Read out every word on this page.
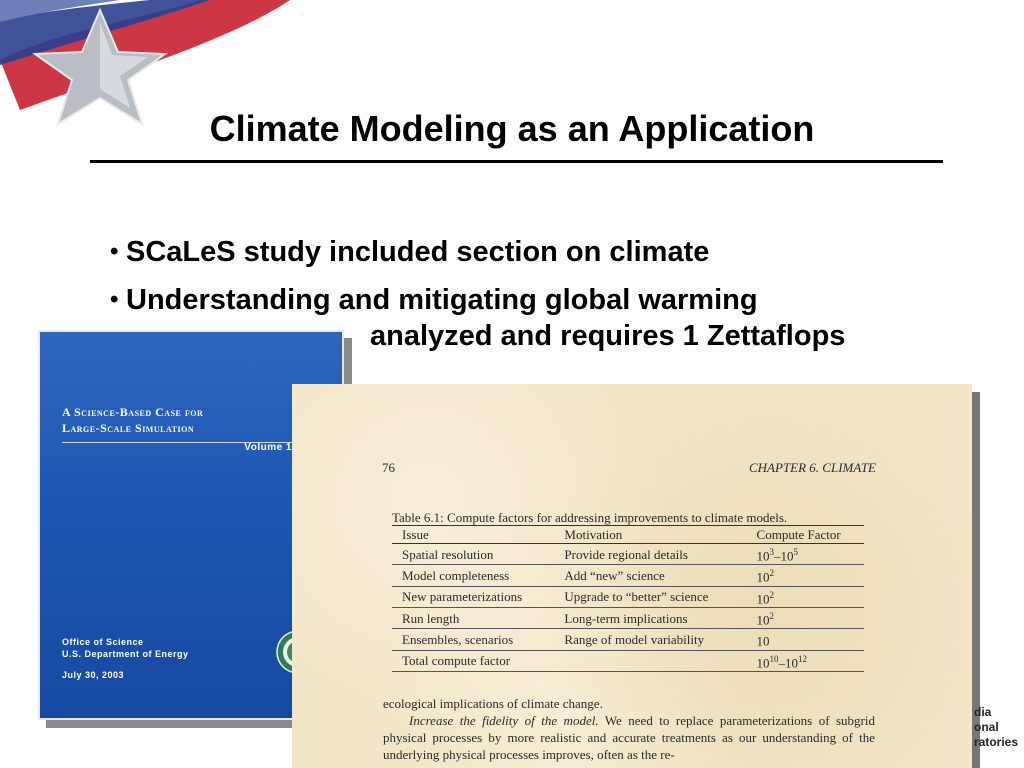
Climate Modeling as an Application
• SCaLeS study included section on climate
• Understanding and mitigating global warming
analyzed and requires 1 Zettaflops
A Science-Based Case for
Large-Scale Simulation
Volume 1
Office of Science
U.S. Department of Energy
July 30, 2003
76	CHAPTER 6. CLIMATE
Table 6.1: Compute factors for addressing improvements to climate models.
Issue	Motivation	Compute Factor
Spatial resolution	Provide regional details	$10^3-10^5$
Model completeness	Add “new” science	$10^2$
New parameterizations	Upgrade to “better” science	$10^2$
Run length	Long-term implications	$10^2$
Ensembles, scenarios	Range of model variability	10
Total compute factor		$10^{10}-10^{12}$
ecological implications of climate change.
  Increase the fidelity of the model. We need to replace parameterizations of subgrid physical processes by more realistic and accurate treatments as our understanding of the underlying physical processes improves, often as the re-
dia
onal
ratories
